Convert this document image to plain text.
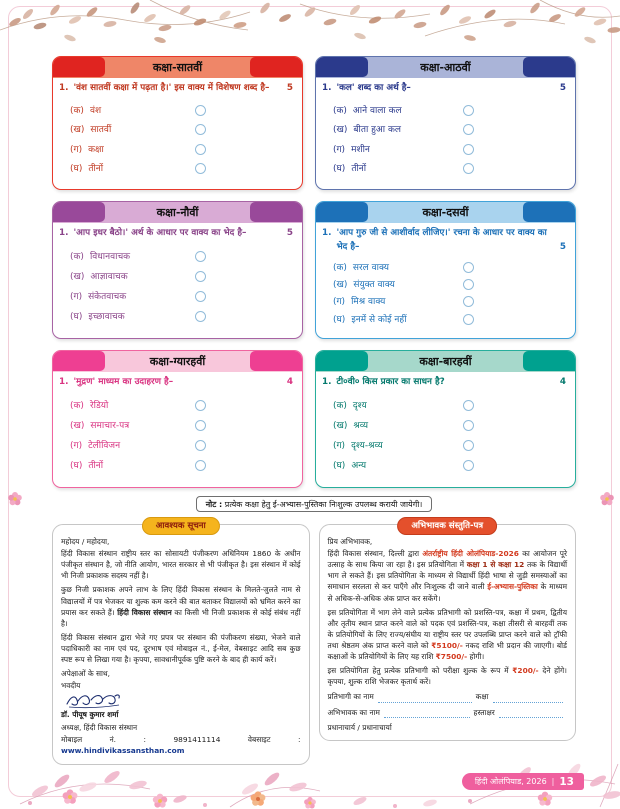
कक्षा-सातवीं
1. 'वंश सातवीं कक्षा में पढ़ता है।' इस वाक्य में विशेषण शब्द है–	5
(क) वंश
(ख) सातवीं
(ग) कक्षा
(घ) तीनों
कक्षा-आठवीं
1. 'कल' शब्द का अर्थ है–	5
(क) आने वाला कल
(ख) बीता हुआ कल
(ग) मशीन
(घ) तीनों
कक्षा-नौवीं
1. 'आप इधर बैठो।' अर्थ के आधार पर वाक्य का भेद है–	5
(क) विधानवाचक
(ख) आज्ञावाचक
(ग) संकेतवाचक
(घ) इच्छावाचक
कक्षा-दसवीं
1. 'आप गुरु जी से आशीर्वाद लीजिए।' रचना के आधार पर वाक्य का भेद है–	5
(क) सरल वाक्य
(ख) संयुक्त वाक्य
(ग) मिश्र वाक्य
(घ) इनमें से कोई नहीं
कक्षा-ग्यारहवीं
1. 'मुद्रण' माध्यम का उदाहरण है–	4
(क) रेडियो
(ख) समाचार-पत्र
(ग) टेलीविजन
(घ) तीनों
कक्षा-बारहवीं
1. टी०वी० किस प्रकार का साधन है?	4
(क) दृश्य
(ख) श्रव्य
(ग) दृश्य-श्रव्य
(घ) अन्य
नोट : प्रत्येक कक्षा हेतु ई-अभ्यास-पुस्तिका निःशुल्क उपलब्ध करायी जायेगी।
आवश्यक सूचना

महोदय / महोदया,

हिंदी विकास संस्थान राष्ट्रीय स्तर का सोसायटी पंजीकरण अधिनियम 1860 के अधीन पंजीकृत संस्थान है, जो नीति आयोग, भारत सरकार से भी पंजीकृत है। इस संस्थान में कोई भी निजी प्रकाशक सदस्य नहीं है।

कुछ निजी प्रकाशक अपने लाभ के लिए हिंदी विकास संस्थान के मिलते-जुलते नाम से विद्यालयों में पत्र भेजकर या शुल्क कम करने की बात बताकर विद्यालयों को भ्रमित करने का प्रयास कर सकते हैं। हिंदी विकास संस्थान का किसी भी निजी प्रकाशक से कोई संबंध नहीं है।

हिंदी विकास संस्थान द्वारा भेजे गए प्रपत्र पर संस्थान की पंजीकरण संख्या, भेजने वाले पदाधिकारी का नाम एवं पद, दूरभाष एवं मोबाइल नं., ई-मेल, वेबसाइट आदि सब कुछ स्पष्ट रूप से लिखा गया है। कृपया, सावधानीपूर्वक पुष्टि करने के बाद ही कार्य करें।

अपेक्षाओं के साथ,

भवदीय

डॉ. पीयूष कुमार शर्मा

अध्यक्ष, हिंदी विकास संस्थान

मोबाइल नं. : 9891411114 वेबसाइट : www.hindivikassansthan.com

अभिभावक संस्तुति-पत्र

प्रिय अभिभावक,

हिंदी विकास संस्थान, दिल्ली द्वारा अंतर्राष्ट्रीय हिंदी ओलंपियाड-2026 का आयोजन पूरे उत्साह के साथ किया जा रहा है। इस प्रतियोगिता में कक्षा 1 से कक्षा 12 तक के विद्यार्थी भाग ले सकते हैं। इस प्रतियोगिता के माध्यम से विद्यार्थी हिंदी भाषा से जुड़ी समस्याओं का समाधान सरलता से कर पाएँगे और निःशुल्क दी जाने वाली ई-अभ्यास-पुस्तिका के माध्यम से अधिक-से-अधिक अंक प्राप्त कर सकेंगे।

इस प्रतियोगिता में भाग लेने वाले प्रत्येक प्रतिभागी को प्रशस्ति-पत्र, कक्षा में प्रथम, द्वितीय और तृतीय स्थान प्राप्त करने वाले को पदक एवं प्रशस्ति-पत्र, कक्षा तीसरी से बारहवीं तक के प्रतियोगियों के लिए राज्य/संघीय या राष्ट्रीय स्तर पर उपलब्धि प्राप्त करने वाले को ट्रॉफी तथा श्रेष्ठतम अंक प्राप्त करने वाले को ₹5100/- नकद राशि भी प्रदान की जाएगी। बोर्ड कक्षाओं के प्रतियोगियों के लिए यह राशि ₹7500/- होगी।

इस प्रतियोगिता हेतु प्रत्येक प्रतिभागी को परीक्षा शुल्क के रूप में ₹200/- देने होंगे। कृपया, शुल्क राशि भेजकर कृतार्थ करें।

प्रतिभागी का नाम	कक्षा
अभिभावक का नाम	हस्ताक्षर
प्रधानाचार्य / प्रधानाचार्या
हिंदी ओलंपियाड, 2026 | 13
